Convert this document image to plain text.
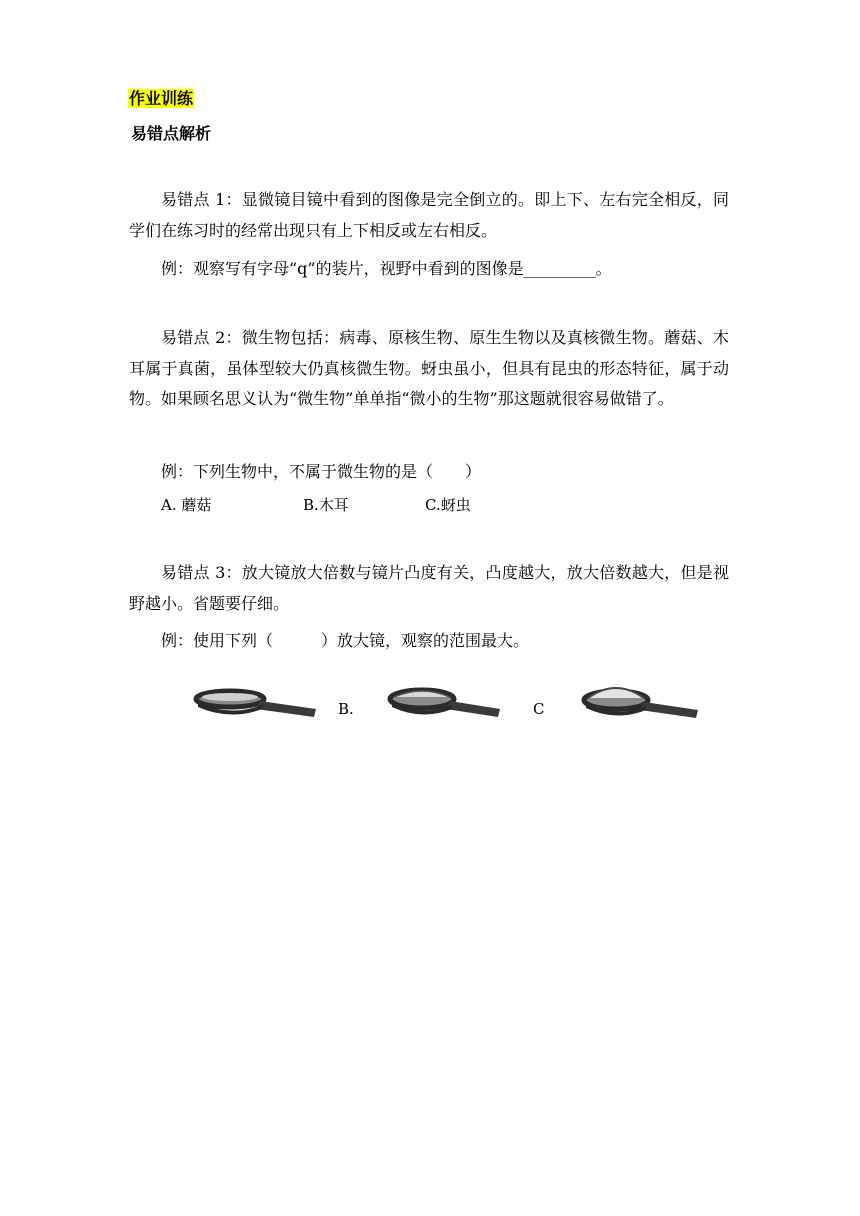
作业训练
易错点解析
易错点 1：显微镜目镜中看到的图像是完全倒立的。即上下、左右完全相反，同学们在练习时的经常出现只有上下相反或左右相反。
例：观察写有字母“q”的装片，视野中看到的图像是_________。
易错点 2：微生物包括：病毒、原核生物、原生生物以及真核微生物。蘑菇、木耳属于真菌，虽体型较大仍真核微生物。蚜虫虽小，但具有昆虫的形态特征，属于动物。如果顾名思义认为“微生物”单单指“微小的生物”那这题就很容易做错了。
例：下列生物中，不属于微生物的是（　　）
A. 蘑菇	B.木耳	C.蚜虫
易错点 3：放大镜放大倍数与镜片凸度有关，凸度越大，放大倍数越大，但是视野越小。省题要仔细。
例：使用下列（　　　）放大镜，观察的范围最大。
B.	C
